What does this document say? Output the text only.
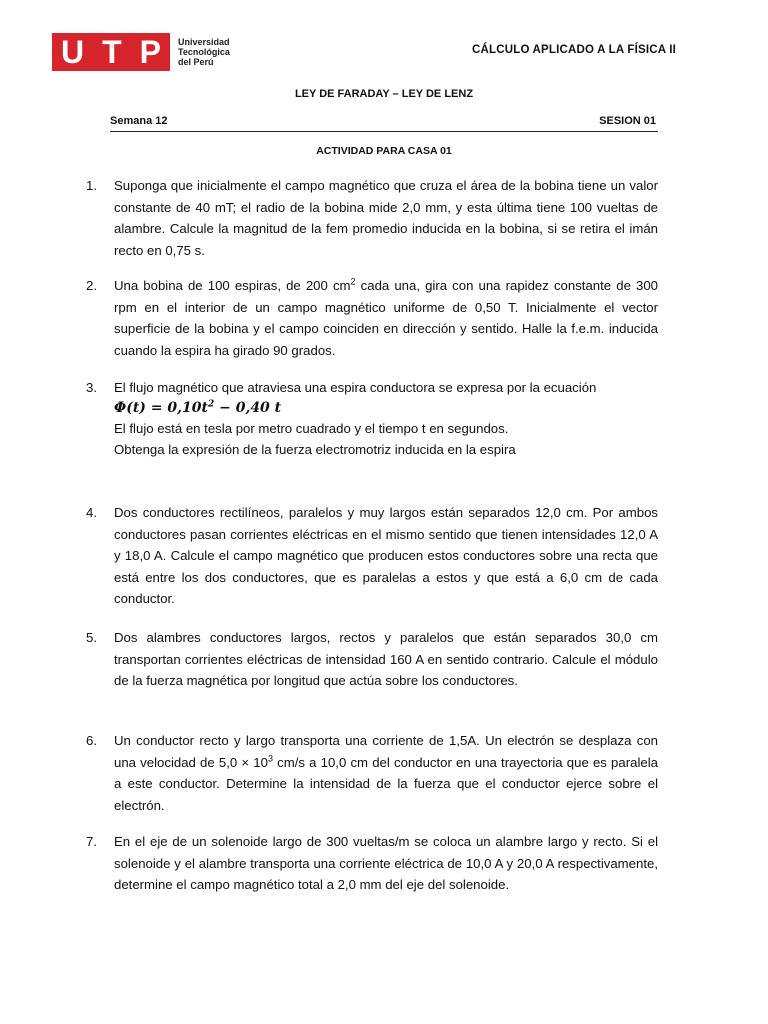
U T P Universidad
Tecnológica
del Perú
CÁLCULO APLICADO A LA FÍSICA II
LEY DE FARADAY – LEY DE LENZ
Semana 12	SESION 01
ACTIVIDAD PARA CASA 01
1.	Suponga que inicialmente el campo magnético que cruza el área de la bobina tiene un valor constante de 40 mT; el radio de la bobina mide 2,0 mm, y esta última tiene 100 vueltas de alambre. Calcule la magnitud de la fem promedio inducida en la bobina, si se retira el imán recto en 0,75 s.
2.	Una bobina de 100 espiras, de 200 $cm^2$ cada una, gira con una rapidez constante de 300 rpm en el interior de un campo magnético uniforme de 0,50 T. Inicialmente el vector superficie de la bobina y el campo coinciden en dirección y sentido. Halle la f.e.m. inducida cuando la espira ha girado 90 grados.
3.	El flujo magnético que atraviesa una espira conductora se expresa por la ecuación
$\Phi(t) = 0,10t^2 - 0,40$ t
El flujo está en tesla por metro cuadrado y el tiempo t en segundos.
Obtenga la expresión de la fuerza electromotriz inducida en la espira
4.	Dos conductores rectilíneos, paralelos y muy largos están separados 12,0 cm. Por ambos conductores pasan corrientes eléctricas en el mismo sentido que tienen intensidades 12,0 A y 18,0 A. Calcule el campo magnético que producen estos conductores sobre una recta que está entre los dos conductores, que es paralelas a estos y que está a 6,0 cm de cada conductor.
5.	Dos alambres conductores largos, rectos y paralelos que están separados 30,0 cm transportan corrientes eléctricas de intensidad 160 A en sentido contrario. Calcule el módulo de la fuerza magnética por longitud que actúa sobre los conductores.
6.	Un conductor recto y largo transporta una corriente de 1,5A. Un electrón se desplaza con una velocidad de $5,0 \times 10^3$ cm/s a 10,0 cm del conductor en una trayectoria que es paralela a este conductor. Determine la intensidad de la fuerza que el conductor ejerce sobre el electrón.
7.	En el eje de un solenoide largo de 300 vueltas/m se coloca un alambre largo y recto. Si el solenoide y el alambre transporta una corriente eléctrica de 10,0 A y 20,0 A respectivamente, determine el campo magnético total a 2,0 mm del eje del solenoide.
